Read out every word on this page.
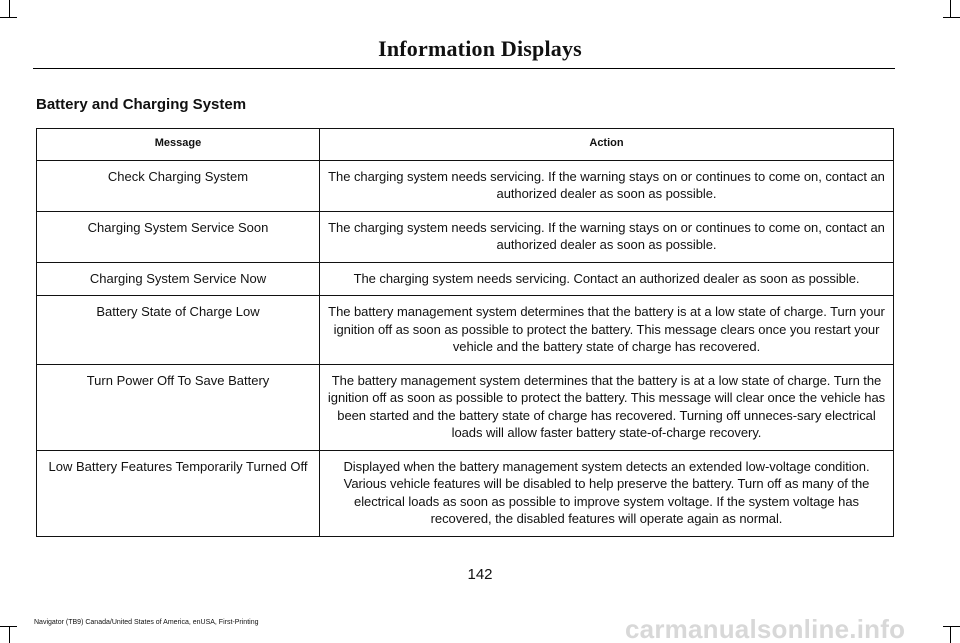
Information Displays
Battery and Charging System
Message	Action
Check Charging System	The charging system needs servicing. If the warning stays on or continues to come on, contact an authorized dealer as soon as possible.
Charging System Service Soon	The charging system needs servicing. If the warning stays on or continues to come on, contact an authorized dealer as soon as possible.
Charging System Service Now	The charging system needs servicing. Contact an authorized dealer as soon as possible.
Battery State of Charge Low	The battery management system determines that the battery is at a low state of charge. Turn your ignition off as soon as possible to protect the battery. This message clears once you restart your vehicle and the battery state of charge has recovered.
Turn Power Off To Save Battery	The battery management system determines that the battery is at a low state of charge. Turn the ignition off as soon as possible to protect the battery. This message will clear once the vehicle has been started and the battery state of charge has recovered. Turning off unneces-sary electrical loads will allow faster battery state-of-charge recovery.
Low Battery Features Temporarily Turned Off	Displayed when the battery management system detects an extended low-voltage condition. Various vehicle features will be disabled to help preserve the battery. Turn off as many of the electrical loads as soon as possible to improve system voltage. If the system voltage has recovered, the disabled features will operate again as normal.
142
Navigator (TB9) Canada/United States of America, enUSA, First-Printing	carmanualsonline.info
